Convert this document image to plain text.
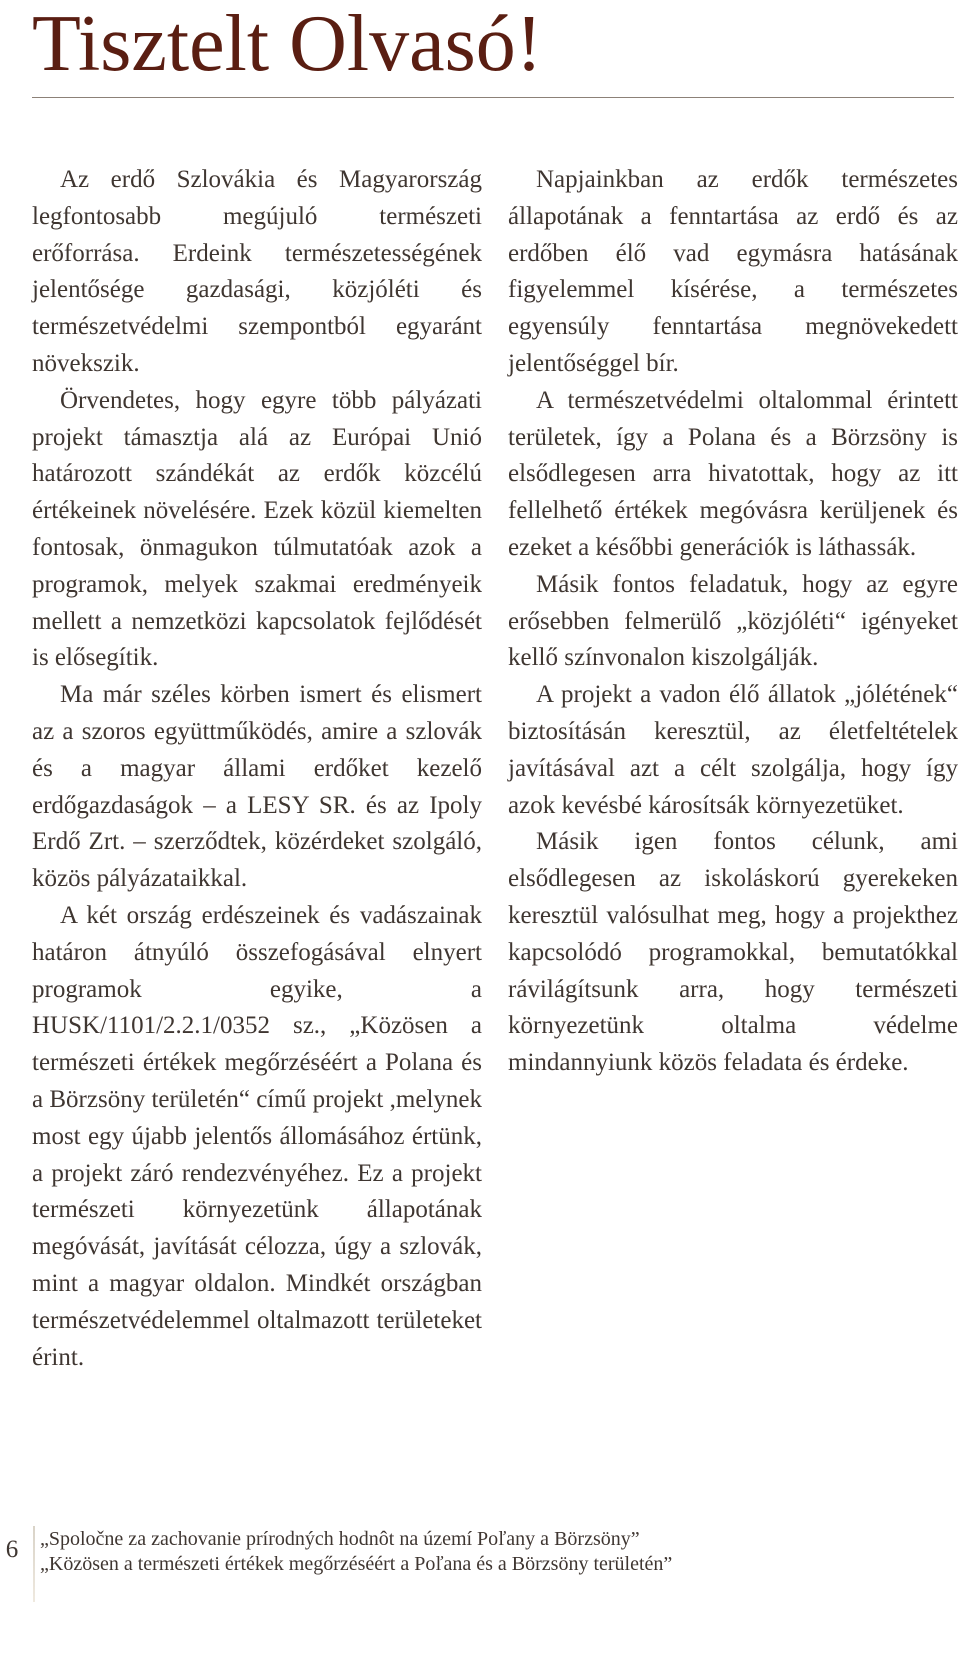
Tisztelt Olvasó!

Az erdő Szlovákia és Magyarország legfontosabb megújuló természeti erőforrása. Erdeink természetességének jelentősége gazdasági, közjóléti és természetvédelmi szempontból egyaránt növekszik.

Örvendetes, hogy egyre több pályázati projekt támasztja alá az Európai Unió határozott szándékát az erdők közcélú értékeinek növelésére. Ezek közül kiemelten fontosak, önmagukon túlmutatóak azok a programok, melyek szakmai eredményeik mellett a nemzetközi kapcsolatok fejlődését is elősegítik.

Ma már széles körben ismert és elismert az a szoros együttműködés, amire a szlovák és a magyar állami erdőket kezelő erdőgazdaságok – a LESY SR. és az Ipoly Erdő Zrt. – szerződtek, közérdeket szolgáló, közös pályázataikkal.

A két ország erdészeinek és vadászainak határon átnyúló összefogásával elnyert programok egyike, a HUSK/1101/2.2.1/0352 sz., „Közösen a természeti értékek megőrzéséért a Polana és a Börzsöny területén“ című projekt ,melynek most egy újabb jelentős állomásához értünk, a projekt záró rendezvényéhez. Ez a projekt természeti környezetünk állapotának megóvását, javítását célozza, úgy a szlovák, mint a magyar oldalon. Mindkét országban természetvédelemmel oltalmazott területeket érint.

Napjainkban az erdők természetes állapotának a fenntartása az erdő és az erdőben élő vad egymásra hatásának figyelemmel kísérése, a természetes egyensúly fenntartása megnövekedett jelentőséggel bír.

A természetvédelmi oltalommal érintett területek, így a Polana és a Börzsöny is elsődlegesen arra hivatottak, hogy az itt fellelhető értékek megóvásra kerüljenek és ezeket a későbbi generációk is láthassák.

Másik fontos feladatuk, hogy az egyre erősebben felmerülő „közjóléti“ igényeket kellő színvonalon kiszolgálják.

A projekt a vadon élő állatok „jólétének“ biztosításán keresztül, az életfeltételek javításával azt a célt szolgálja, hogy így azok kevésbé károsítsák környezetüket.

Másik igen fontos célunk, ami elsődlegesen az iskoláskorú gyerekeken keresztül valósulhat meg, hogy a projekthez kapcsolódó programokkal, bemutatókkal rávilágítsunk arra, hogy természeti környezetünk oltalma védelme mindannyiunk közös feladata és érdeke.

6 „Spoločne za zachovanie prírodných hodnôt na území Poľany a Börzsöny”
„Közösen a természeti értékek megőrzéséért a Poľana és a Börzsöny területén”
